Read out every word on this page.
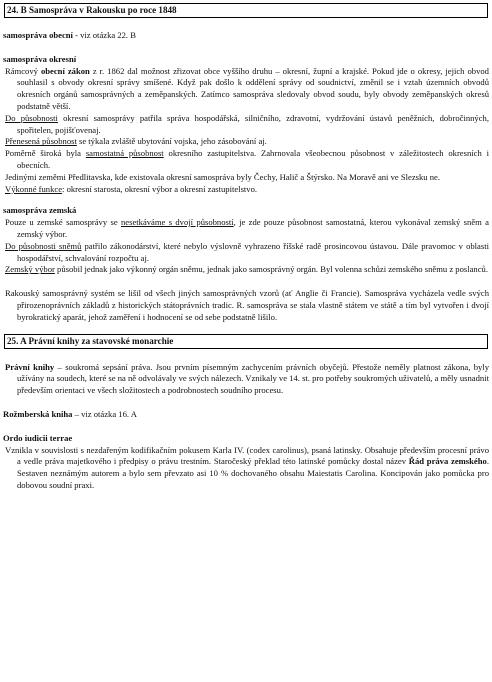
24. B Samospráva v Rakousku po roce 1848
samospráva obecní - viz otázka 22. B
samospráva okresní

Rámcový obecní zákon z r. 1862 dal možnost zřizovat obce vyššího druhu – okresní, župní a krajské. Pokud jde o okresy, jejich obvod souhlasil s obvody okresní správy smíšené. Když pak došlo k oddělení správy od soudnictví, změnil se i vztah územních obvodů okresních orgánů samosprávných a zeměpanských. Zatímco samospráva sledovaly obvod soudu, byly obvody zeměpanských okresů podstatně větší.

Do působnosti okresní samosprávy patřila správa hospodářská, silničního, zdravotní, vydržování ústavů peněžních, dobročinných, spořitelen, pojišťovenaj.

Přenesená působnost se týkala zvláště ubytování vojska, jeho zásobování aj.

Poměrně široká byla samostatná působnost okresního zastupitelstva. Zahrnovala všeobecnou působnost v záležitostech okresních i obecních.

Jedinými zeměmi Předlitavska, kde existovala okresní samospráva byly Čechy, Halič a Štýrsko. Na Moravě ani ve Slezsku ne.

Výkonné funkce: okresní starosta, okresní výbor a okresní zastupitelstvo.

samospráva zemská

Pouze u zemské samosprávy se nesetkáváme s dvojí působností, je zde pouze působnost samostatná, kterou vykonával zemský sněm a zemský výbor.

Do působnosti sněmů patřilo zákonodárství, které nebylo výslovně vyhrazeno říšské radě prosincovou ústavou. Dále pravomoc v oblasti hospodářství, schvalování rozpočtu aj.

Zemský výbor působil jednak jako výkonný orgán sněmu, jednak jako samosprávný orgán. Byl volenna schůzi zemského sněmu z poslanců.

Rakouský samosprávný systém se lišil od všech jiných samosprávných vzorů (ať Anglie či Francie). Samospráva vycházela vedle svých přirozenoprávních základů z historických státoprávních tradic. R. samospráva se stala vlastně státem ve státě a tím byl vytvořen i dvojí byrokratický aparát, jehož zaměření i hodnocení se od sebe podstatně lišilo.

25. A Právní knihy za stavovské monarchie

Právní knihy – soukromá sepsání práva. Jsou prvním písemným zachycením právních obyčejů. Přestože neměly platnost zákona, byly užívány na soudech, které se na ně odvolávaly ve svých nálezech. Vznikaly ve 14. st. pro potřeby soukromých uživatelů, a měly usnadnit především orientaci ve všech složitostech a podrobnostech soudního procesu.

Rožmberská kniha – viz otázka 16. A
Ordo iudicii terrae

Vznikla v souvislosti s nezdařeným kodifikačním pokusem Karla IV. (codex carolinus), psaná latinsky. Obsahuje především procesní právo a vedle práva majetkového i předpisy o právu trestním. Staročeský překlad této latinské pomůcky dostal název Řád práva zemského. Sestaven neznámým autorem a bylo sem převzato asi 10 % dochovaného obsahu Maiestatis Carolina. Koncipován jako pomůcka pro dobovou soudní praxi.
